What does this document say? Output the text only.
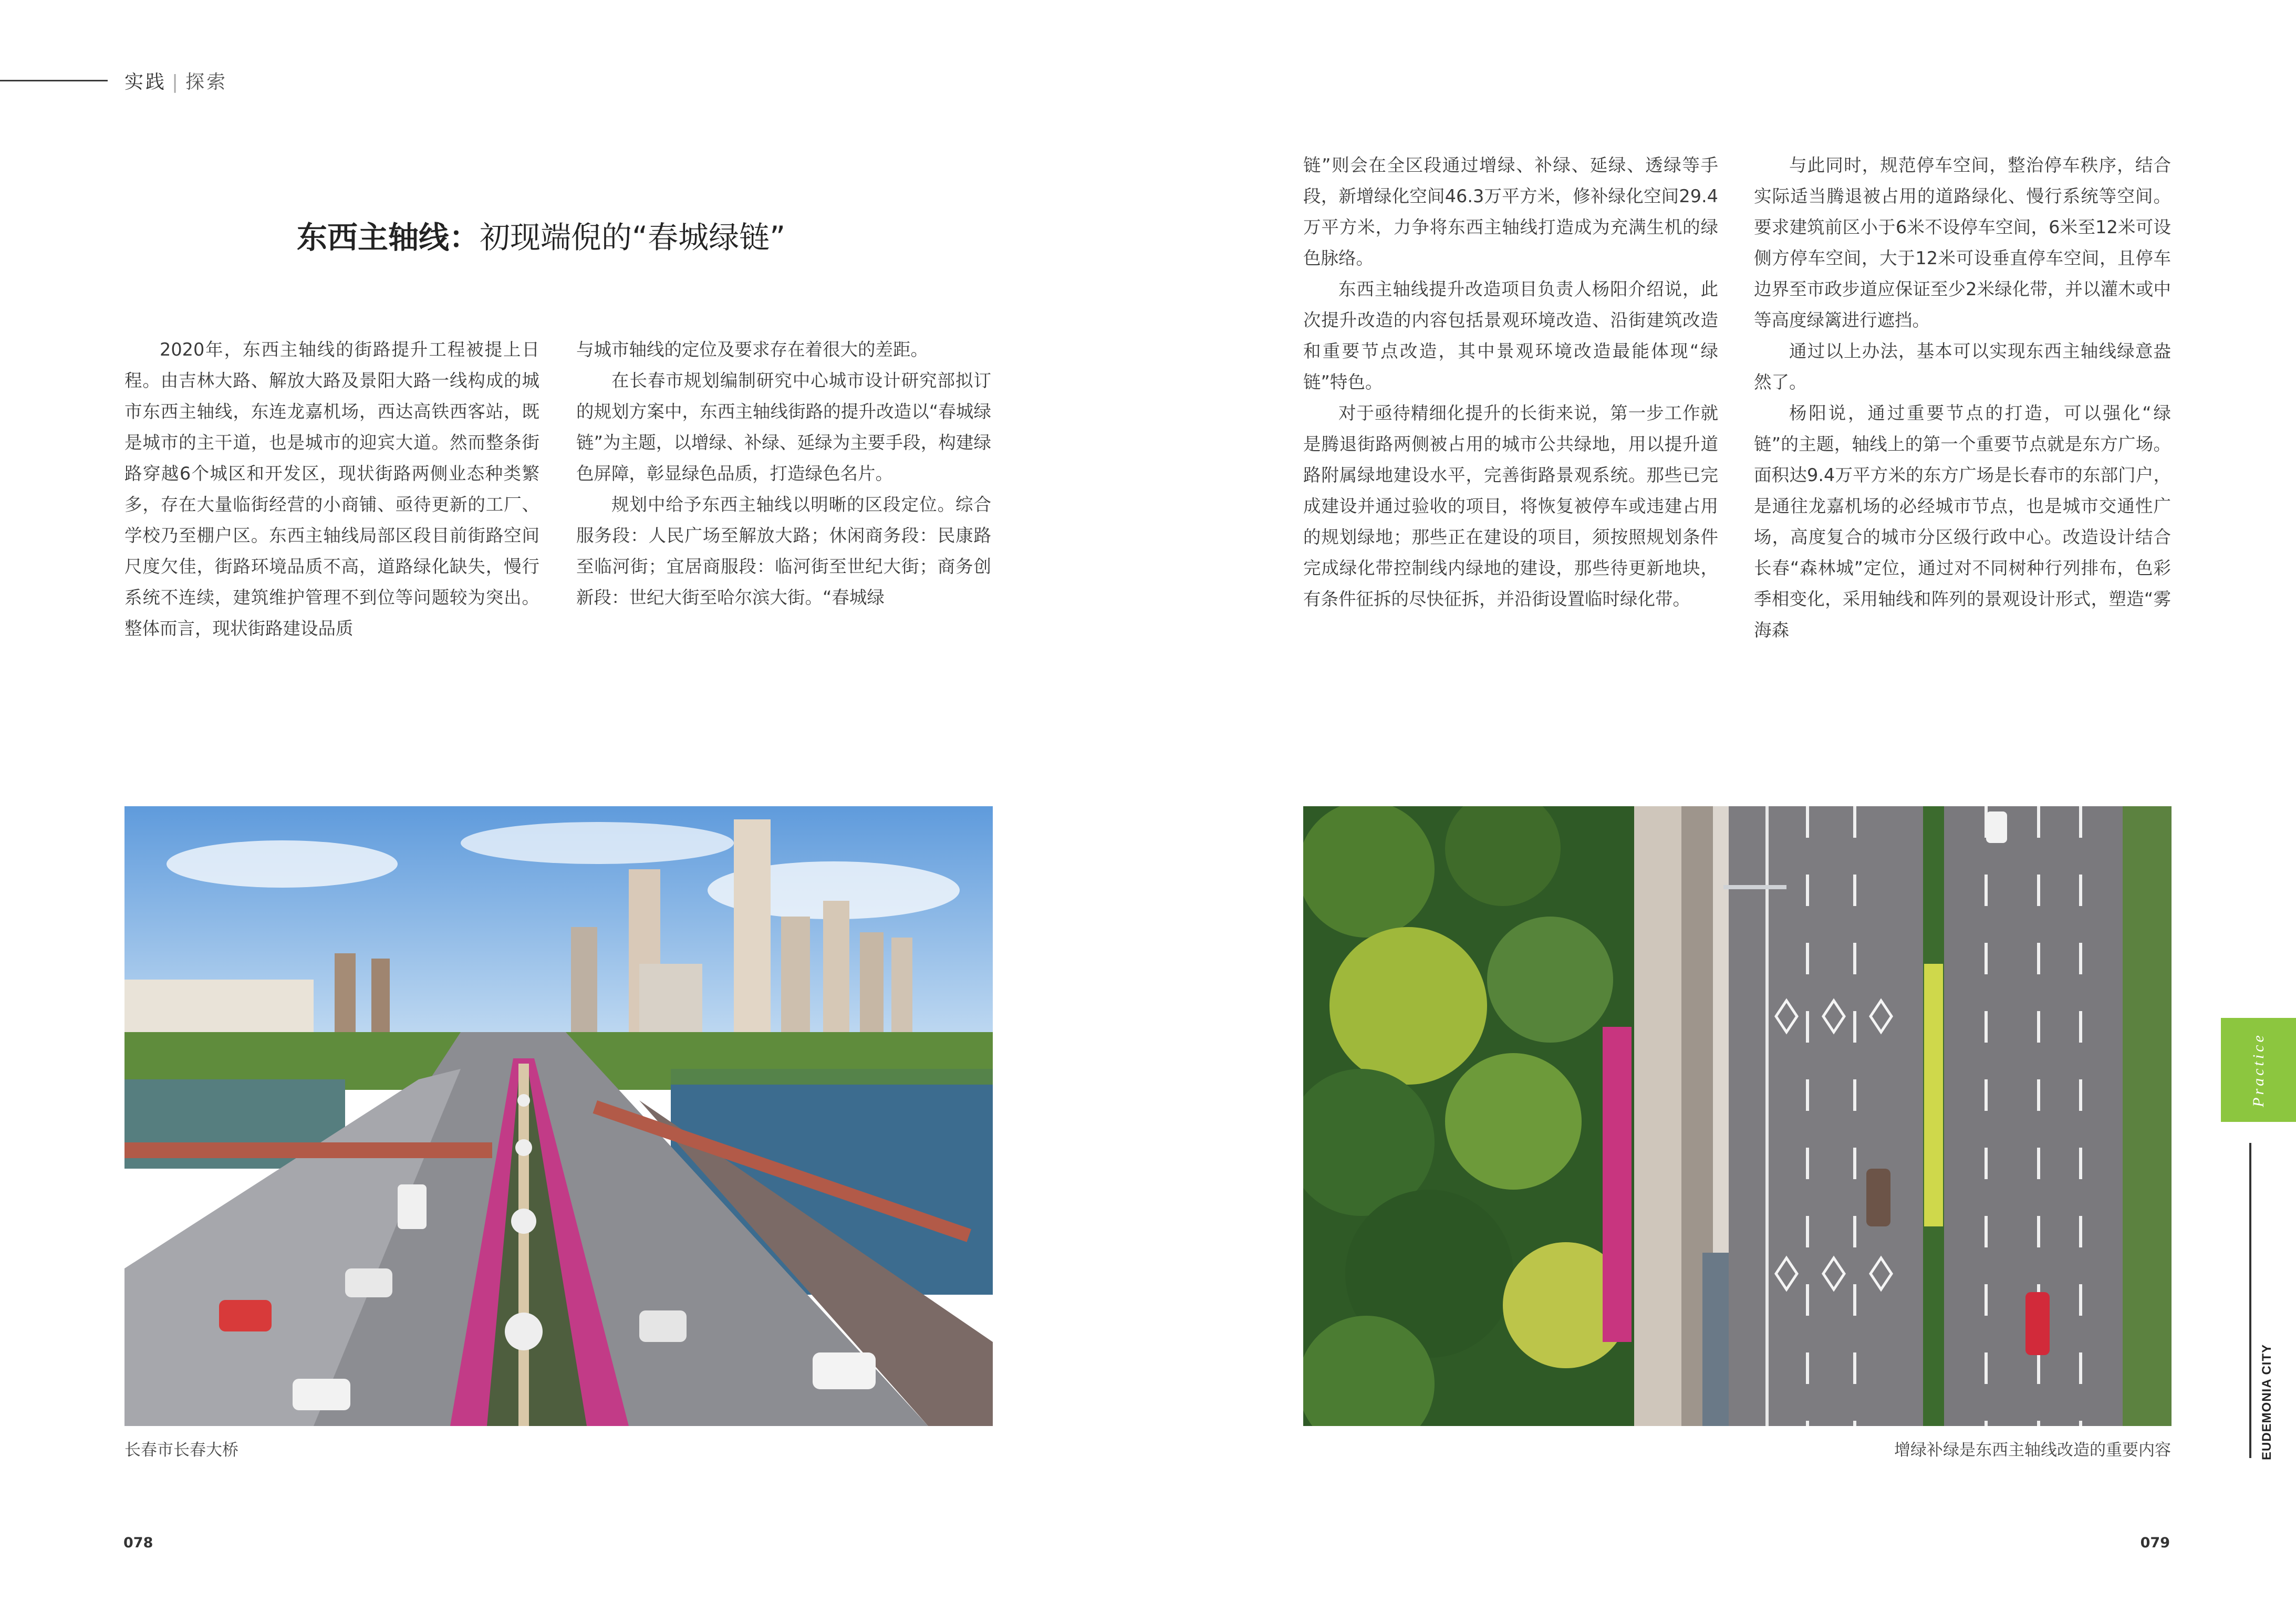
实践 | 探索
东西主轴线：初现端倪的“春城绿链”

2020年，东西主轴线的街路提升工程被提上日程。由吉林大路、解放大路及景阳大路一线构成的城市东西主轴线，东连龙嘉机场，西达高铁西客站，既是城市的主干道，也是城市的迎宾大道。然而整条街路穿越6个城区和开发区，现状街路两侧业态种类繁多，存在大量临街经营的小商铺、亟待更新的工厂、学校乃至棚户区。东西主轴线局部区段目前街路空间尺度欠佳，街路环境品质不高，道路绿化缺失，慢行系统不连续，建筑维护管理不到位等问题较为突出。整体而言，现状街路建设品质

与城市轴线的定位及要求存在着很大的差距。

在长春市规划编制研究中心城市设计研究部拟订的规划方案中，东西主轴线街路的提升改造以“春城绿链”为主题，以增绿、补绿、延绿为主要手段，构建绿色屏障，彰显绿色品质，打造绿色名片。

规划中给予东西主轴线以明晰的区段定位。综合服务段：人民广场至解放大路；休闲商务段：民康路至临河街；宜居商服段：临河街至世纪大街；商务创新段：世纪大街至哈尔滨大街。“春城绿

链”则会在全区段通过增绿、补绿、延绿、透绿等手段，新增绿化空间46.3万平方米，修补绿化空间29.4万平方米，力争将东西主轴线打造成为充满生机的绿色脉络。

东西主轴线提升改造项目负责人杨阳介绍说，此次提升改造的内容包括景观环境改造、沿街建筑改造和重要节点改造，其中景观环境改造最能体现“绿链”特色。

对于亟待精细化提升的长街来说，第一步工作就是腾退街路两侧被占用的城市公共绿地，用以提升道路附属绿地建设水平，完善街路景观系统。那些已完成建设并通过验收的项目，将恢复被停车或违建占用的规划绿地；那些正在建设的项目，须按照规划条件完成绿化带控制线内绿地的建设，那些待更新地块，有条件征拆的尽快征拆，并沿街设置临时绿化带。

与此同时，规范停车空间，整治停车秩序，结合实际适当腾退被占用的道路绿化、慢行系统等空间。要求建筑前区小于6米不设停车空间，6米至12米可设侧方停车空间，大于12米可设垂直停车空间，且停车边界至市政步道应保证至少2米绿化带，并以灌木或中等高度绿篱进行遮挡。

通过以上办法，基本可以实现东西主轴线绿意盎然了。

杨阳说，通过重要节点的打造，可以强化“绿链”的主题，轴线上的第一个重要节点就是东方广场。面积达9.4万平方米的东方广场是长春市的东部门户，是通往龙嘉机场的必经城市节点，也是城市交通性广场，高度复合的城市分区级行政中心。改造设计结合长春“森林城”定位，通过对不同树种行列排布，色彩季相变化，采用轴线和阵列的景观设计形式，塑造“雾海森

长春市长春大桥	增绿补绿是东西主轴线改造的重要内容
078	079
Practice
EUDEMONIA CITY
